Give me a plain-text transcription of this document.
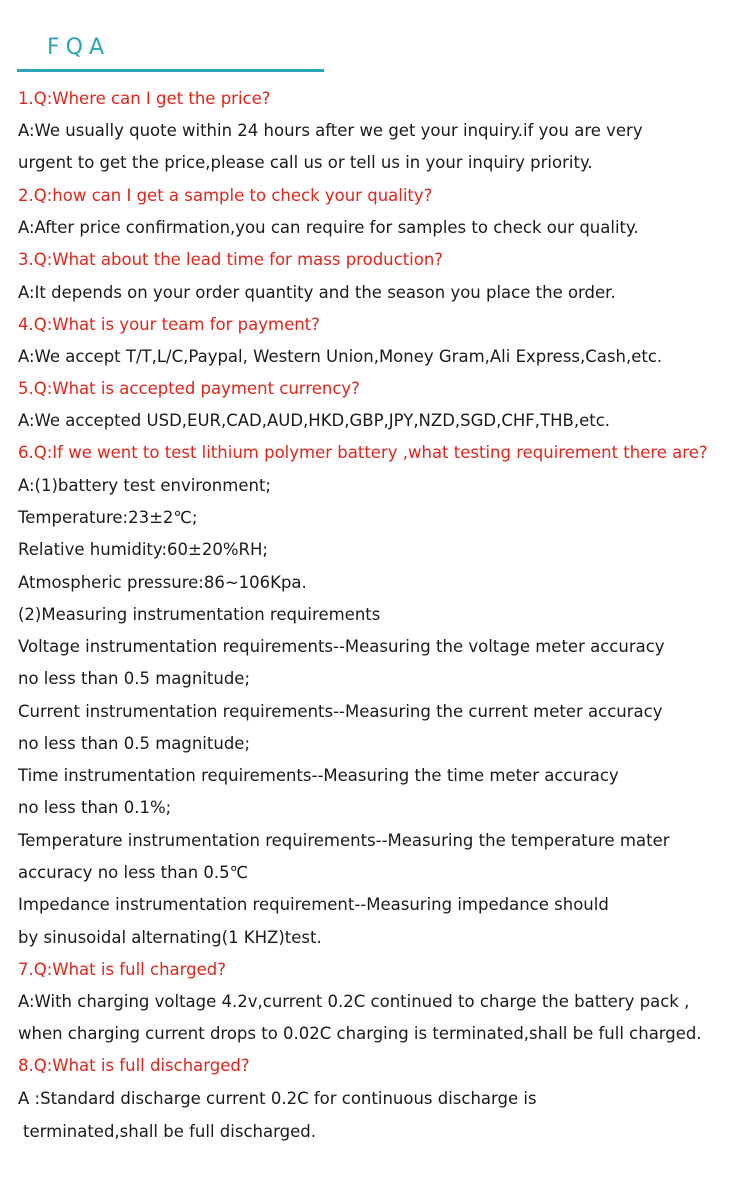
FQA
1.Q:Where can I get the price?
A:We usually quote within 24 hours after we get your inquiry.if you are very
urgent to get the price,please call us or tell us in your inquiry priority.
2.Q:how can I get a sample to check your quality?
A:After price confirmation,you can require for samples to check our quality.
3.Q:What about the lead time for mass production?
A:It depends on your order quantity and the season you place the order.
4.Q:What is your team for payment?
A:We accept T/T,L/C,Paypal, Western Union,Money Gram,Ali Express,Cash,etc.
5.Q:What is accepted payment currency?
A:We accepted USD,EUR,CAD,AUD,HKD,GBP,JPY,NZD,SGD,CHF,THB,etc.
6.Q:If we went to test lithium polymer battery ,what testing requirement there are?
A:(1)battery test environment;
Temperature:23±2℃;
Relative humidity:60±20%RH;
Atmospheric pressure:86~106Kpa.
(2)Measuring instrumentation requirements
Voltage instrumentation requirements--Measuring the voltage meter accuracy
no less than 0.5 magnitude;
Current instrumentation requirements--Measuring the current meter accuracy
no less than 0.5 magnitude;
Time instrumentation requirements--Measuring the time meter accuracy
no less than 0.1%;
Temperature instrumentation requirements--Measuring the temperature mater
accuracy no less than 0.5℃
Impedance instrumentation requirement--Measuring impedance should
by sinusoidal alternating(1 KHZ)test.
7.Q:What is full charged?
A:With charging voltage 4.2v,current 0.2C continued to charge the battery pack ,
when charging current drops to 0.02C charging is terminated,shall be full charged.
8.Q:What is full discharged?
A :Standard discharge current 0.2C for continuous discharge is
terminated,shall be full discharged.
